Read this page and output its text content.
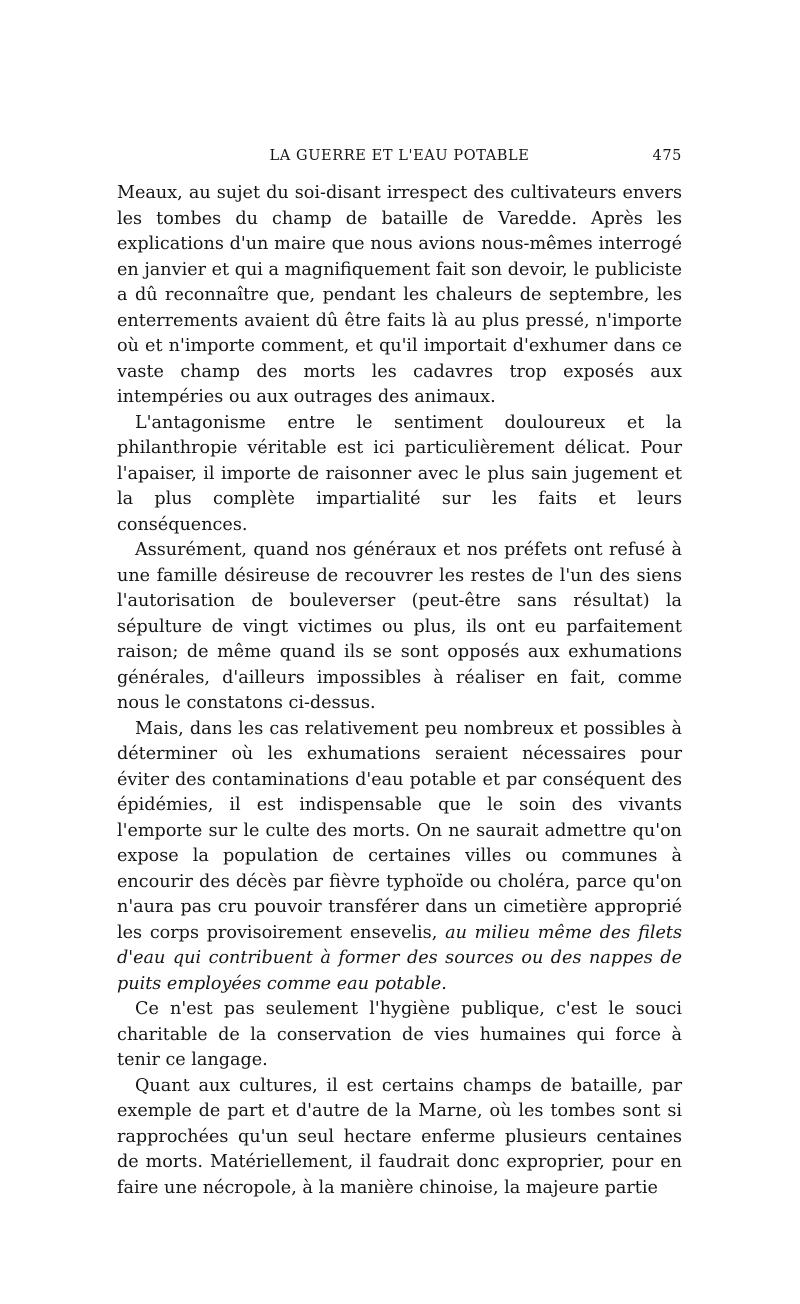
LA GUERRE ET L'EAU POTABLE	475

Meaux, au sujet du soi-disant irrespect des cultivateurs envers les tombes du champ de bataille de Varedde. Après les explications d'un maire que nous avions nous-mêmes interrogé en janvier et qui a magnifiquement fait son devoir, le publiciste a dû reconnaître que, pendant les chaleurs de septembre, les enterrements avaient dû être faits là au plus pressé, n'importe où et n'importe comment, et qu'il importait d'exhumer dans ce vaste champ des morts les cadavres trop exposés aux intempéries ou aux outrages des animaux.

L'antagonisme entre le sentiment douloureux et la philanthropie véritable est ici particulièrement délicat. Pour l'apaiser, il importe de raisonner avec le plus sain jugement et la plus complète impartialité sur les faits et leurs conséquences.

Assurément, quand nos généraux et nos préfets ont refusé à une famille désireuse de recouvrer les restes de l'un des siens l'autorisation de bouleverser (peut-être sans résultat) la sépulture de vingt victimes ou plus, ils ont eu parfaitement raison; de même quand ils se sont opposés aux exhumations générales, d'ailleurs impossibles à réaliser en fait, comme nous le constatons ci-dessus.

Mais, dans les cas relativement peu nombreux et possibles à déterminer où les exhumations seraient nécessaires pour éviter des contaminations d'eau potable et par conséquent des épidémies, il est indispensable que le soin des vivants l'emporte sur le culte des morts. On ne saurait admettre qu'on expose la population de certaines villes ou communes à encourir des décès par fièvre typhoïde ou choléra, parce qu'on n'aura pas cru pouvoir transférer dans un cimetière approprié les corps provisoirement ensevelis, au milieu même des filets d'eau qui contribuent à former des sources ou des nappes de puits employées comme eau potable.

Ce n'est pas seulement l'hygiène publique, c'est le souci charitable de la conservation de vies humaines qui force à tenir ce langage.

Quant aux cultures, il est certains champs de bataille, par exemple de part et d'autre de la Marne, où les tombes sont si rapprochées qu'un seul hectare enferme plusieurs centaines de morts. Matériellement, il faudrait donc exproprier, pour en faire une nécropole, à la manière chinoise, la majeure partie
